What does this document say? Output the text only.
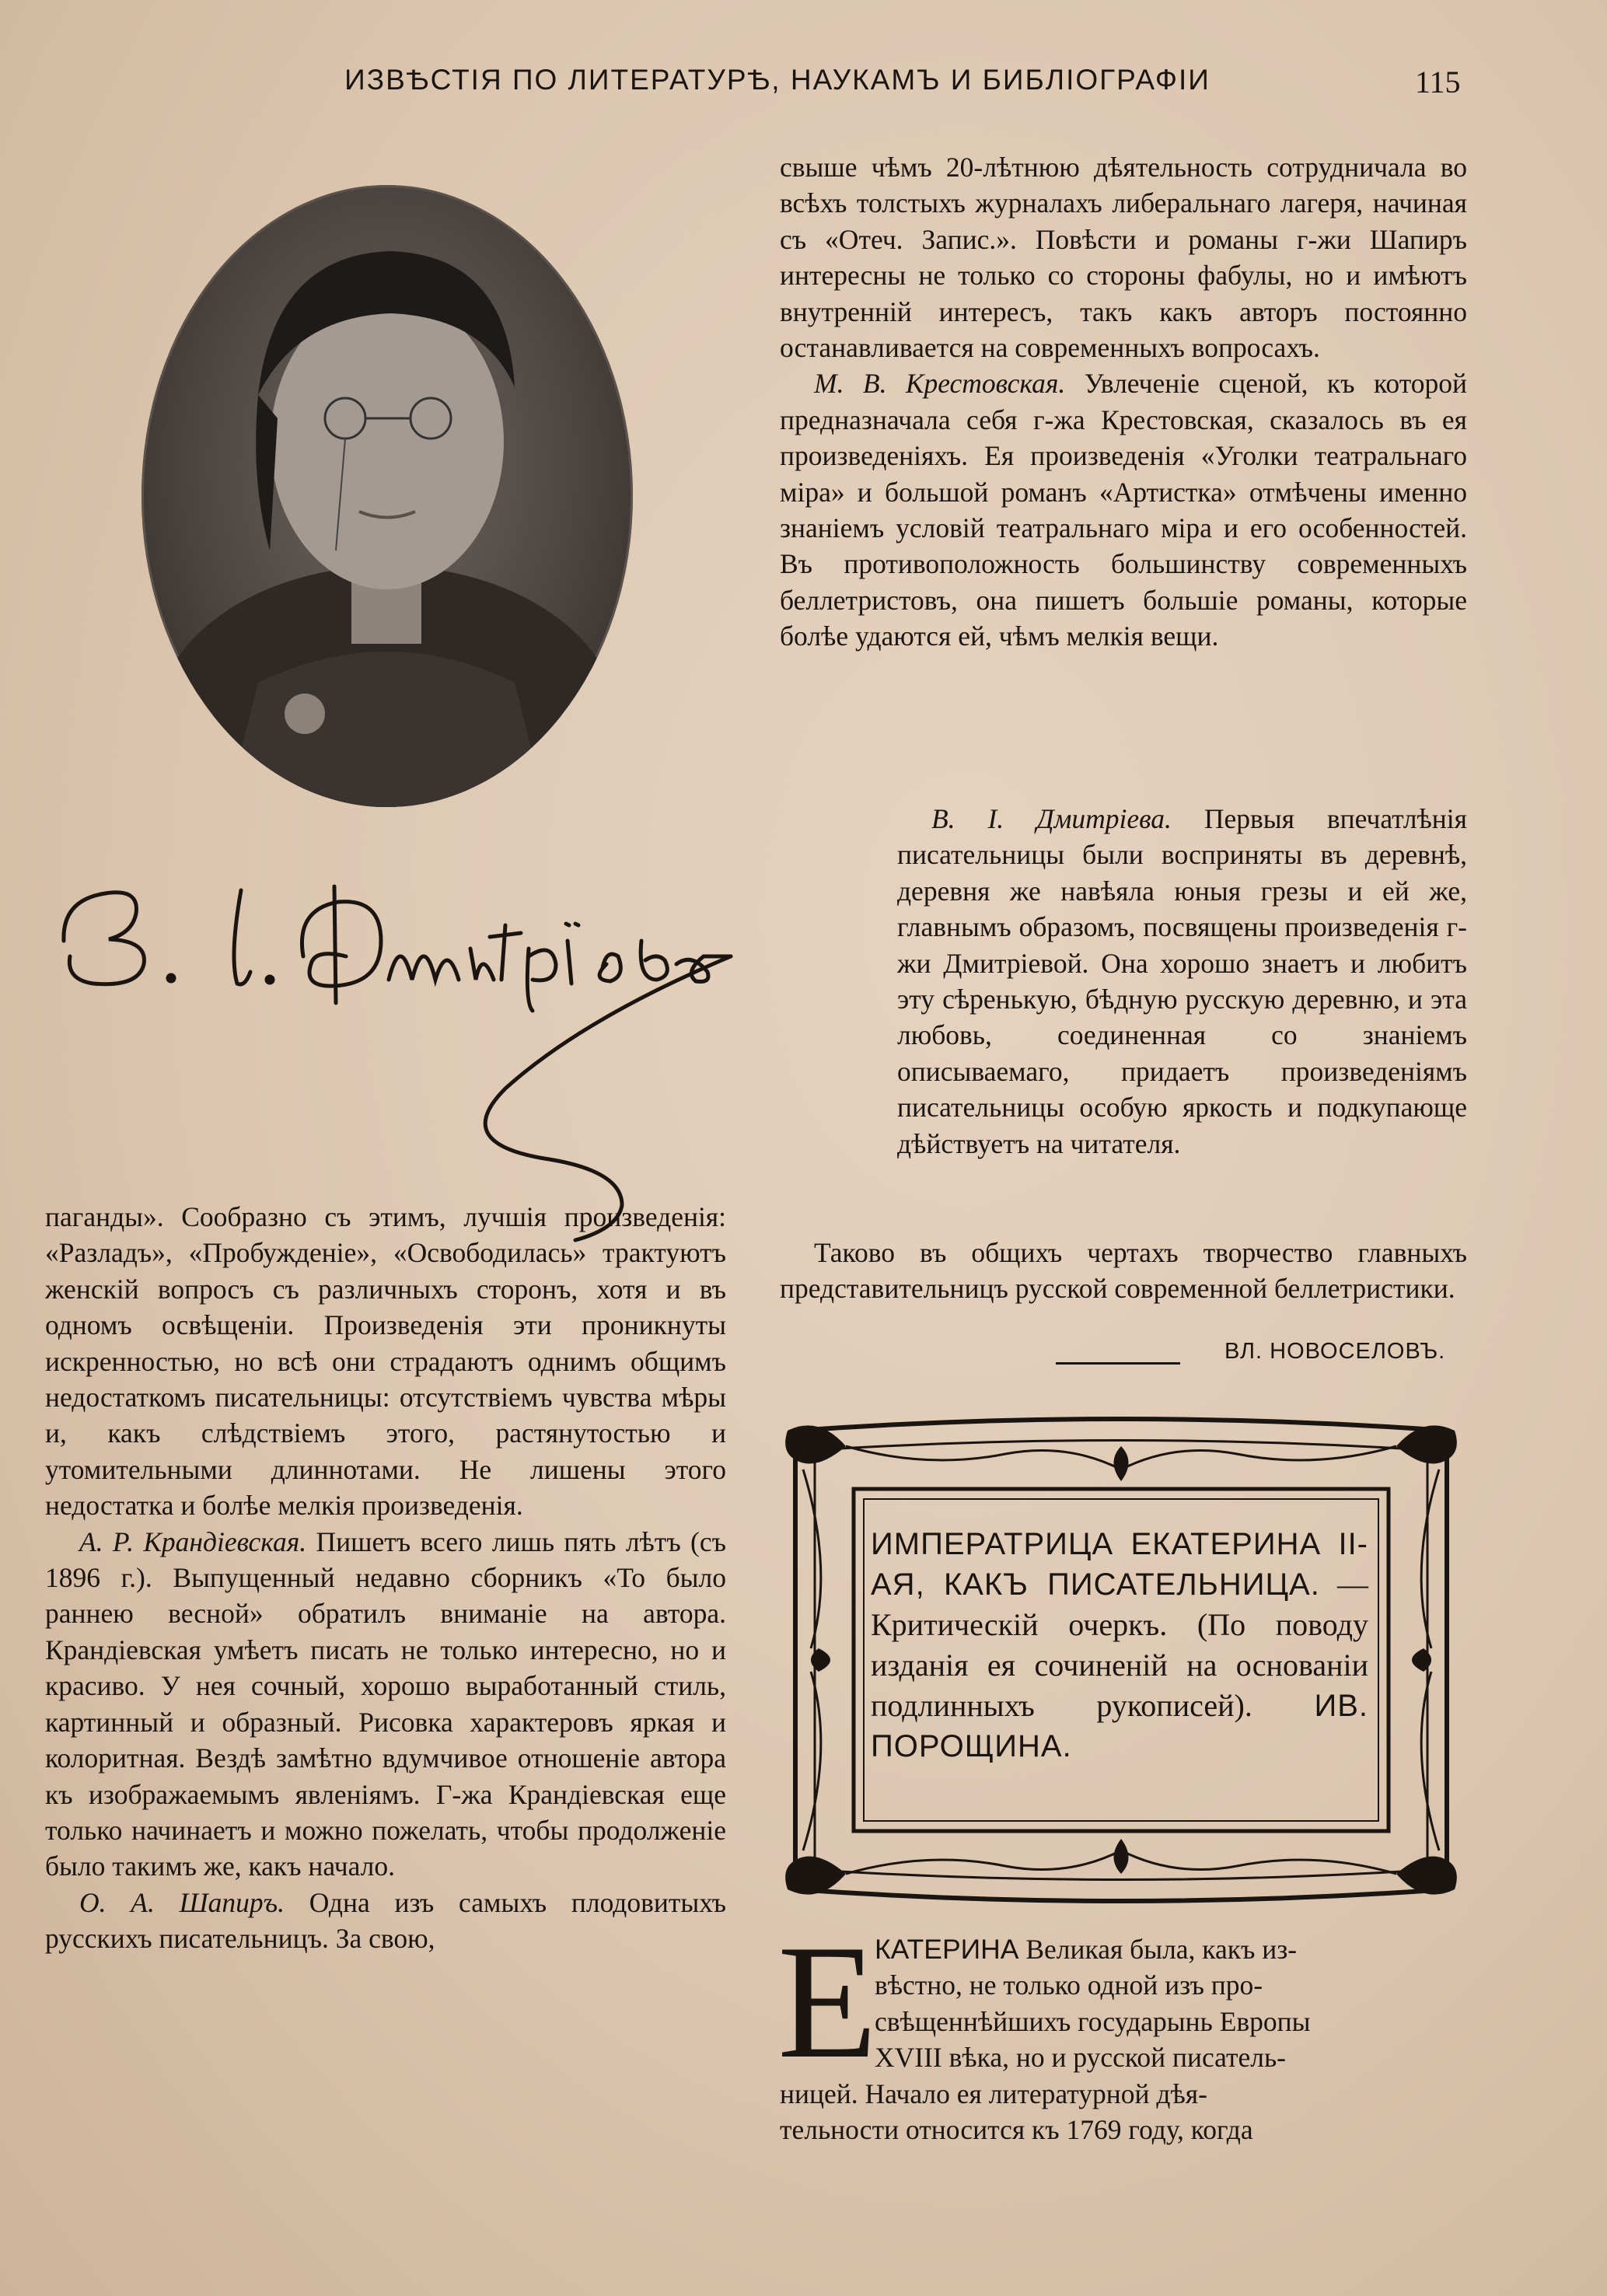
ИЗВѢСТІЯ ПО ЛИТЕРАТУРѢ, НАУКАМЪ И БИБЛІОГРАФІИ	115

паганды». Сообразно съ этимъ, лучшія произведенія: «Разладъ», «Пробужденіе», «Освободилась» трактуютъ женскій вопросъ съ различныхъ сторонъ, хотя и въ одномъ освѣщеніи. Произведенія эти проникнуты искренностью, но всѣ они страдаютъ однимъ общимъ недостаткомъ писательницы: отсутствіемъ чувства мѣры и, какъ слѣдствіемъ этого, растянутостью и утомительными длиннотами. Не лишены этого недостатка и болѣе мелкія произведенія.

А. Р. Крандіевская. Пишетъ всего лишь пять лѣтъ (съ 1896 г.). Выпущенный недавно сборникъ «То было раннею весной» обратилъ вниманіе на автора. Крандіевская умѣетъ писать не только интересно, но и красиво. У нея сочный, хорошо выработанный стиль, картинный и образный. Рисовка характеровъ яркая и колоритная. Вездѣ замѣтно вдумчивое отношеніе автора къ изображаемымъ явленіямъ. Г-жа Крандіевская еще только начинаетъ и можно пожелать, чтобы продолженіе было такимъ же, какъ начало.

О. А. Шапиръ. Одна изъ самыхъ плодовитыхъ русскихъ писательницъ. За свою,

свыше чѣмъ 20-лѣтнюю дѣятельность сотрудничала во всѣхъ толстыхъ журналахъ либеральнаго лагеря, начиная съ «Отеч. Запис.». Повѣсти и романы г-жи Шапиръ интересны не только со стороны фабулы, но и имѣютъ внутренній интересъ, такъ какъ авторъ постоянно останавливается на современныхъ вопросахъ.

М. В. Крестовская. Увлеченіе сценой, къ которой предназначала себя г-жа Крестовская, сказалось въ ея произведеніяхъ. Ея произведенія «Уголки театральнаго міра» и большой романъ «Артистка» отмѣчены именно знаніемъ условій театральнаго міра и его особенностей. Въ противоположность большинству современныхъ беллетристовъ, она пишетъ большіе романы, которые болѣе удаются ей, чѣмъ мелкія вещи.

В. І. Дмитріева. Первыя впечатлѣнія писательницы были восприняты въ деревнѣ, деревня же навѣяла юныя грезы и ей же, главнымъ образомъ, посвящены произведенія г-жи Дмитріевой. Она хорошо знаетъ и любитъ эту сѣренькую, бѣдную русскую деревню, и эта любовь, соединенная со знаніемъ описываемаго, придаетъ произведеніямъ писательницы особую яркость и подкупающе дѣйствуетъ на читателя.

Таково въ общихъ чертахъ творчество главныхъ представительницъ русской современной беллетристики.

ВЛ. НОВОСЕЛОВЪ.
ИМПЕРАТРИЦА ЕКАТЕРИНА II-АЯ, КАКЪ ПИСАТЕЛЬНИЦА. — Критическій очеркъ. (По поводу изданія ея сочиненій на основаніи подлинныхъ рукописей). ИВ. ПОРОЩИНА.
Е
КАТЕРИНА Великая была, какъ из-
вѣстно, не только одной изъ про-
свѣщеннѣйшихъ государынь Европы
XVIII вѣка, но и русской писатель-
ницей. Начало ея литературной дѣя-
тельности относится къ 1769 году, когда
